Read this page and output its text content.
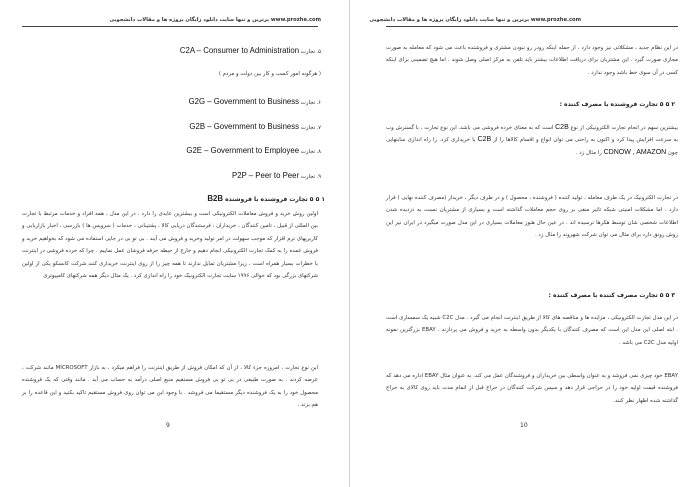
www.prozhe.com برترین و تنها سایت دانلود رایگان پروژه ها و مقالات دانشجویی
۵. تجارت C2A – Consumer to Administration
( هرگونه امور کسب و کار بین دولت و مردم )
۶. تجارت G2G – Government to Business
۷. تجارت G2B – Government to Business
۸. تجارت G2E – Government to Employee
۹. تجارت P2P – Peer to Peer
۱ ۵ ۵ تجارت فروشنده با فروشنده B2B
اولین روش خرید و فروش معاملات الکترونیکی است و بیشترین عایدی را دارد . در این مدل ، همه افراد و خدمات مرتبط با تجارت بین المللی از قبیل ، تامین کنندگان ، خریداران ، فرستندگان دریایی کالا ، پشتیبانی ، خدمات ( سرویس ها ) بازرسی ، اخبار بازاریابی و کاربرپهای نرم افزار که موجب سهولت در امر تولید وخرید و فروش می آیند . بی تو بی در جایی استفاده می شود که بخواهیم خرید و فروش عمده را به کمک تجارت الکترونیکی انجام دهیم و خارج از حیطه حرفه فروشان عمل نماییم . چرا که خرده فروشی در اینترنت با خطرات بسیار همراه است ، زیرا مشتریان تمایل ندارند تا همه چیز را از روی اینترنت خریداری کنند شرکت کابسکو یکی از اولین شرکتهای بزرگی بود که حوالی ۱۹۹۶ سایت تجارت الکترونیک خود را راه اندازی کرد . یک مثال دیگر همه شرکتهای کامپیوتری
این نوع تجارت ، امروزه جزء کالا ، از آن که امکان فروش از طریق اینترنت را فراهم میکرد ، به بازار MICROSOFT مانند شرکت ، عرضه کردند . به صورت طبیعی در بی تو بی فروش مستقیم منبع اصلی درآمد به حساب می آید . مانند وقتی که یک فروشنده محصول خود را به یک فروشنده دیگر مستقیما می فروشد . با وجود این می توان روی فروش مستقیم تاکید بکنید و این قاعده را بر هم بزند .
9
www.prozhe.com برترین و تنها سایت دانلود رایگان پروژه ها و مقالات دانشجویی
در این نظام جدید ، مشکلاتی نیز وجود دارد ، از جمله اینکه رودر رو نبودن مشتری و فروشنده باعث می شود که معامله به صورت مجازی صورت گیرد . این مشتریان برای دریافت اطلاعات بیشتر باید تلفن به مرکز اصلی وصل شوند . اما هیچ تضمینی برای اینکه کسی در آن سوی خط باشد وجود ندارد .
۲ ۵ ۵ تجارت فروشنده با مصرف کننده :
بیشترین سهم در انجام تجارت الکترونیکی از نوع C2B است که به معنای خرده فروشی می باشد. این نوع تجارت ، با گسترش وب به سرعت افزایش پیدا کرد و اکنون به راحتی می توان انواع و اقسام کالاها را از C2B با خریداری کرد. را راه اندازی سایتهایی چون CDNOW , AMAZON را مثال زد .
در تجارت الکترونیک در یک طرف معامله ، تولید کننده ( فروشنده ، محصول ) و در طرف دیگر ، خریدار (مصرف کننده نهایی ) قرار دارد . اما مشکلات امنیتی شبکه تاثیر منفی بر روی حجم معاملات گذاشته است و بسیاری از مشتریان نسبت به دزدیده شدن اطلاعات شخصی شان توسط هکرها ترسیده اند . در عین حال هنوز معاملات بسیاری در این مدل صورت میگیرد در ایران نیز این روش رونق دارد برای مثال می توان شرکت شهروند را مثال زد .
۳ ۵ ۵ تجارت مصرف کننده با مصرف کننده :
در این مدل تجارت الکترونیکی ، مزایده ها و مناقصه های کالا از طریق اینترنت انجام می گیرد . مدل C2C شبیه یک سمساری است . ابته اصلی این مدل این است که مصرف کنندگان با یکدیگر بدون واسطه به خرید و فروش می پردازند . EBAY بزرگترین نمونه اولیه مدل C2C می باشد .
EBAY خود چیزی نمی فروشد و به عنوان واسطی بین خریداران و فروشندگان عمل می کند. به عنوان مثال EBAY اداره می دهد که فروشنده قیمت اولیه خود را در حراجی قرار دهد و سپس شرکت کنندگان در حراج قبل از اتمام مدت باید روی کالای به حراج گذاشته شده اظهار نظر کنند.
10
